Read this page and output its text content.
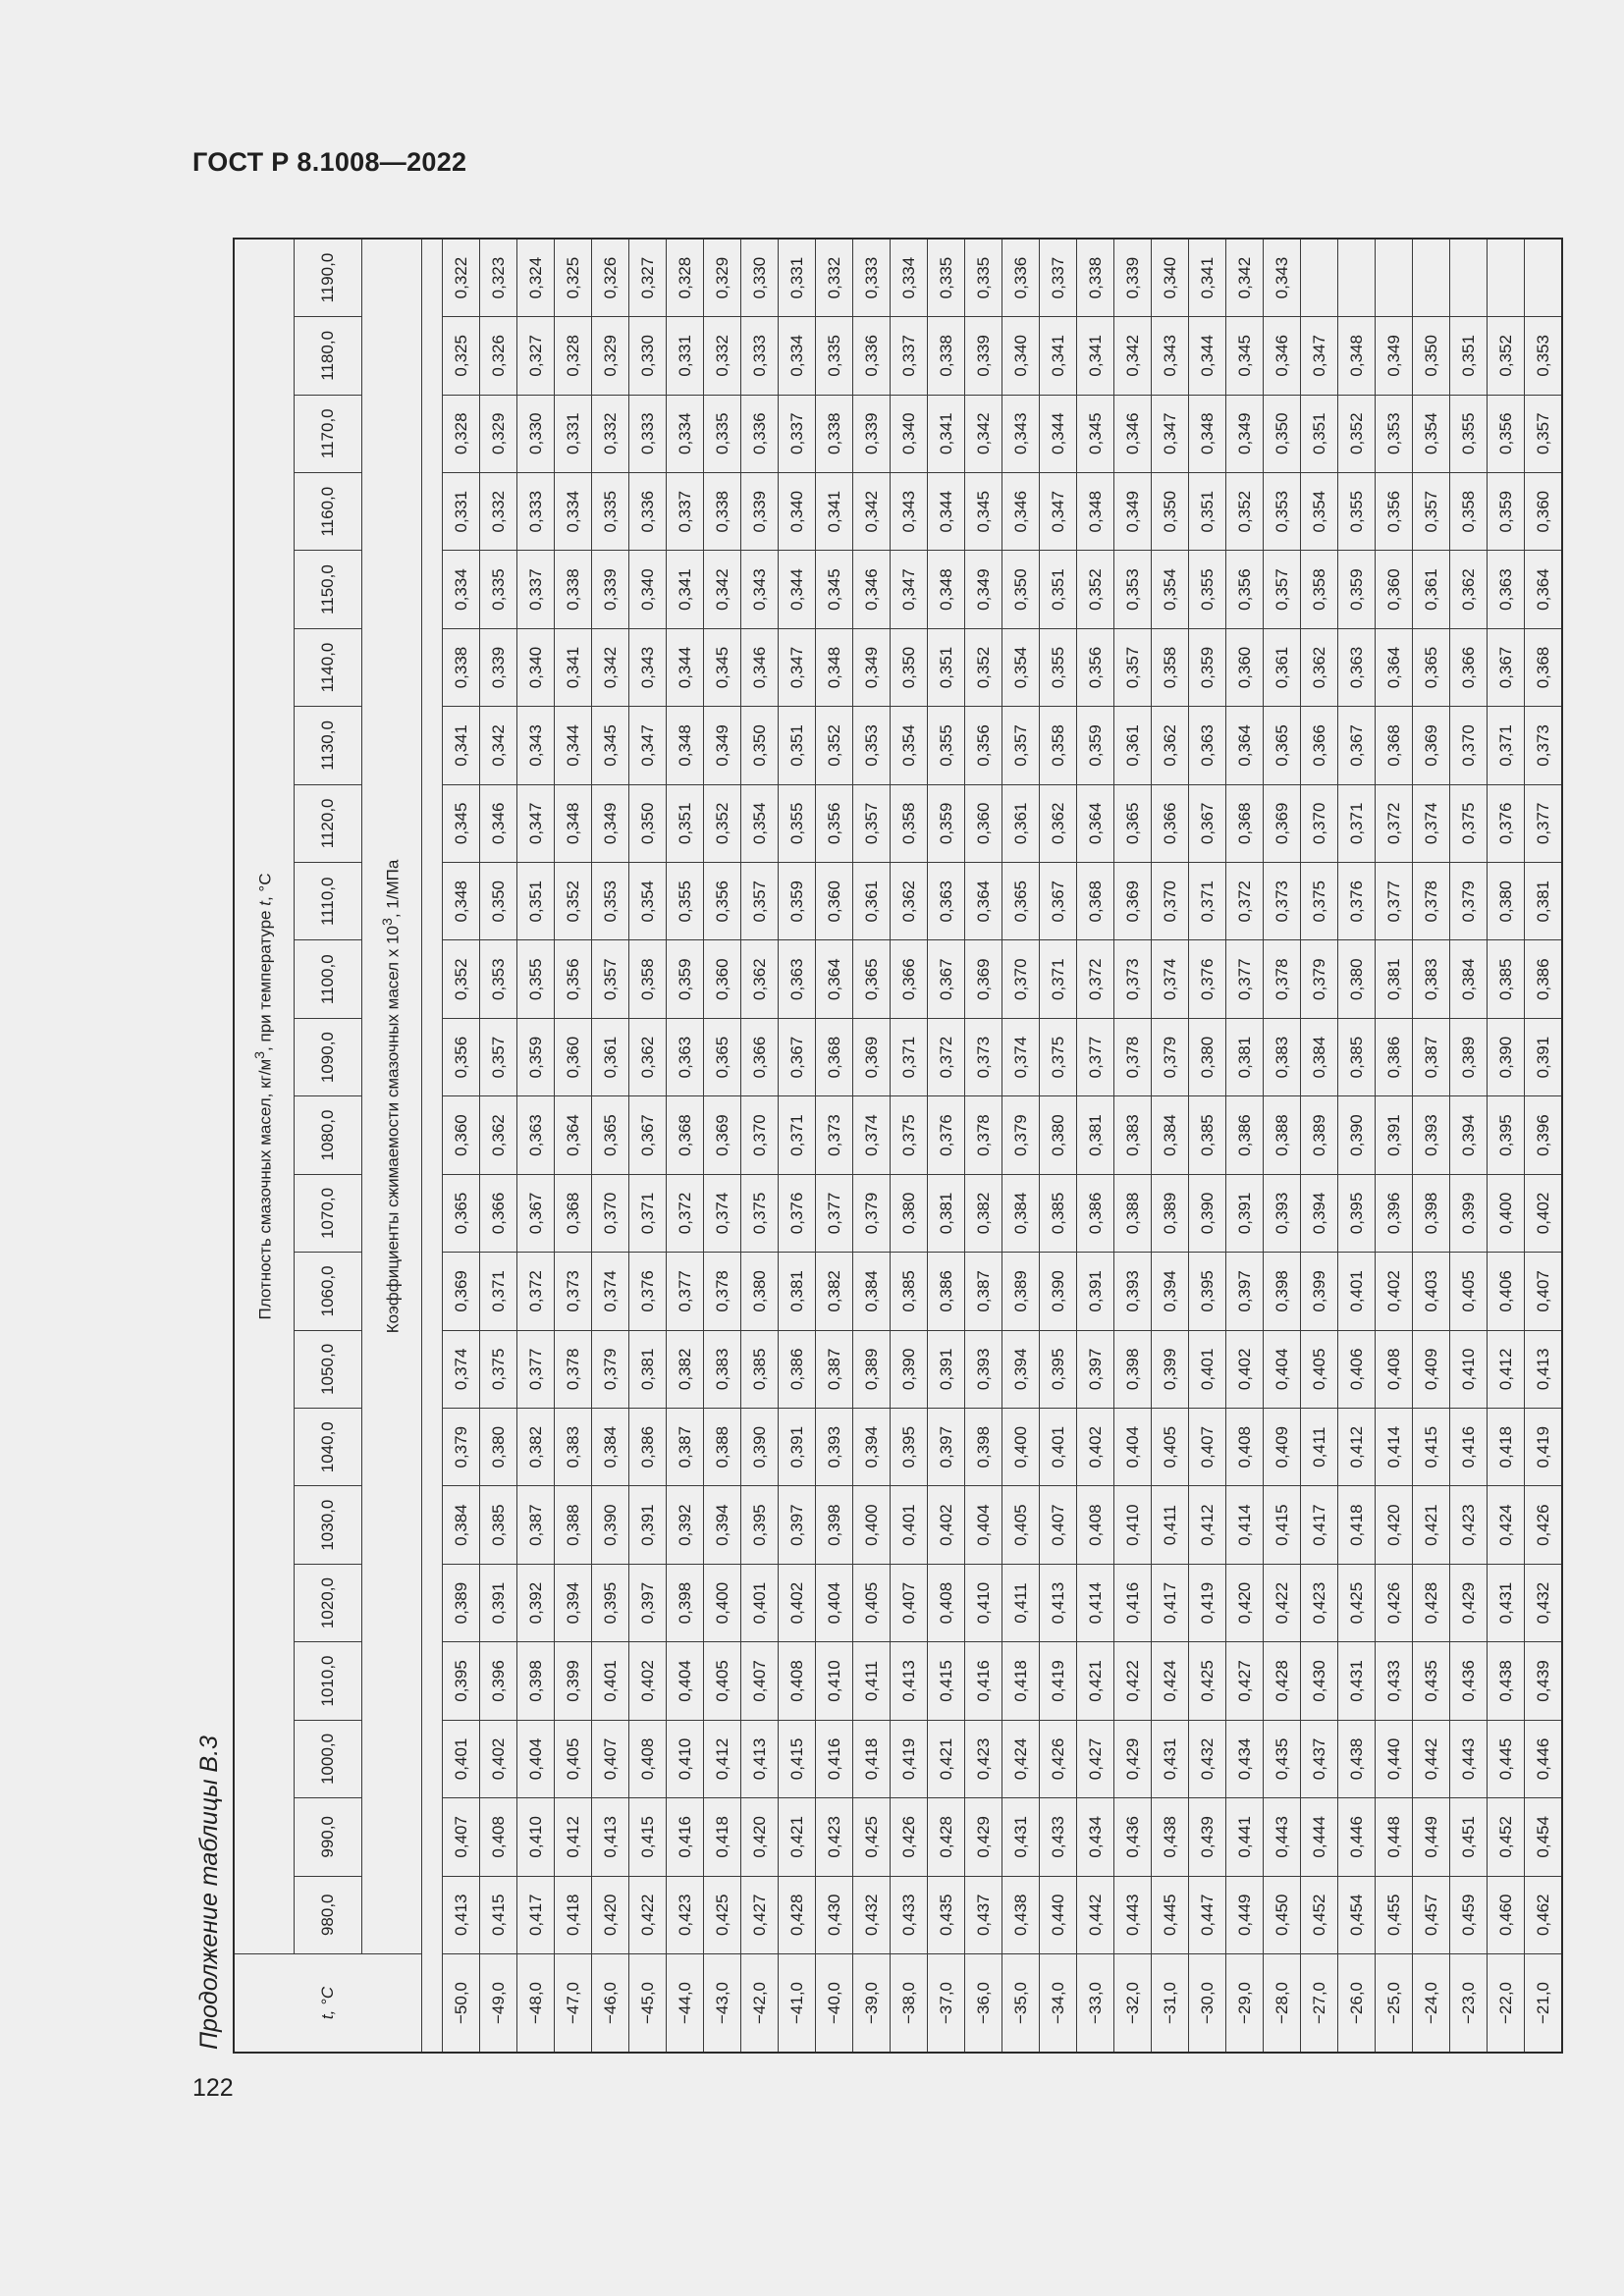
ГОСТ Р 8.1008—2022
122
Продолжение таблицы В.3	t, °C	Плотность смазочных масел, $кг/м^3$, при температуре t, °C																					
	980,0	990,0	1000,0	1010,0	1020,0	1030,0	1040,0	1050,0	1060,0	1070,0	1080,0	1090,0	1100,0	1110,0	1120,0	1130,0	1140,0	1150,0	1160,0	1170,0	1180,0	1190,0
	Коэффициенты сжимаемости смазочных масел x $10^3$, 1/МПа																					

−50,0	0,413	0,407	0,401	0,395	0,389	0,384	0,379	0,374	0,369	0,365	0,360	0,356	0,352	0,348	0,345	0,341	0,338	0,334	0,331	0,328	0,325	0,322
−49,0	0,415	0,408	0,402	0,396	0,391	0,385	0,380	0,375	0,371	0,366	0,362	0,357	0,353	0,350	0,346	0,342	0,339	0,335	0,332	0,329	0,326	0,323
−48,0	0,417	0,410	0,404	0,398	0,392	0,387	0,382	0,377	0,372	0,367	0,363	0,359	0,355	0,351	0,347	0,343	0,340	0,337	0,333	0,330	0,327	0,324
−47,0	0,418	0,412	0,405	0,399	0,394	0,388	0,383	0,378	0,373	0,368	0,364	0,360	0,356	0,352	0,348	0,344	0,341	0,338	0,334	0,331	0,328	0,325
−46,0	0,420	0,413	0,407	0,401	0,395	0,390	0,384	0,379	0,374	0,370	0,365	0,361	0,357	0,353	0,349	0,345	0,342	0,339	0,335	0,332	0,329	0,326
−45,0	0,422	0,415	0,408	0,402	0,397	0,391	0,386	0,381	0,376	0,371	0,367	0,362	0,358	0,354	0,350	0,347	0,343	0,340	0,336	0,333	0,330	0,327
−44,0	0,423	0,416	0,410	0,404	0,398	0,392	0,387	0,382	0,377	0,372	0,368	0,363	0,359	0,355	0,351	0,348	0,344	0,341	0,337	0,334	0,331	0,328
−43,0	0,425	0,418	0,412	0,405	0,400	0,394	0,388	0,383	0,378	0,374	0,369	0,365	0,360	0,356	0,352	0,349	0,345	0,342	0,338	0,335	0,332	0,329
−42,0	0,427	0,420	0,413	0,407	0,401	0,395	0,390	0,385	0,380	0,375	0,370	0,366	0,362	0,357	0,354	0,350	0,346	0,343	0,339	0,336	0,333	0,330
−41,0	0,428	0,421	0,415	0,408	0,402	0,397	0,391	0,386	0,381	0,376	0,371	0,367	0,363	0,359	0,355	0,351	0,347	0,344	0,340	0,337	0,334	0,331
−40,0	0,430	0,423	0,416	0,410	0,404	0,398	0,393	0,387	0,382	0,377	0,373	0,368	0,364	0,360	0,356	0,352	0,348	0,345	0,341	0,338	0,335	0,332
−39,0	0,432	0,425	0,418	0,411	0,405	0,400	0,394	0,389	0,384	0,379	0,374	0,369	0,365	0,361	0,357	0,353	0,349	0,346	0,342	0,339	0,336	0,333
−38,0	0,433	0,426	0,419	0,413	0,407	0,401	0,395	0,390	0,385	0,380	0,375	0,371	0,366	0,362	0,358	0,354	0,350	0,347	0,343	0,340	0,337	0,334
−37,0	0,435	0,428	0,421	0,415	0,408	0,402	0,397	0,391	0,386	0,381	0,376	0,372	0,367	0,363	0,359	0,355	0,351	0,348	0,344	0,341	0,338	0,335
−36,0	0,437	0,429	0,423	0,416	0,410	0,404	0,398	0,393	0,387	0,382	0,378	0,373	0,369	0,364	0,360	0,356	0,352	0,349	0,345	0,342	0,339	0,335
−35,0	0,438	0,431	0,424	0,418	0,411	0,405	0,400	0,394	0,389	0,384	0,379	0,374	0,370	0,365	0,361	0,357	0,354	0,350	0,346	0,343	0,340	0,336
−34,0	0,440	0,433	0,426	0,419	0,413	0,407	0,401	0,395	0,390	0,385	0,380	0,375	0,371	0,367	0,362	0,358	0,355	0,351	0,347	0,344	0,341	0,337
−33,0	0,442	0,434	0,427	0,421	0,414	0,408	0,402	0,397	0,391	0,386	0,381	0,377	0,372	0,368	0,364	0,359	0,356	0,352	0,348	0,345	0,341	0,338
−32,0	0,443	0,436	0,429	0,422	0,416	0,410	0,404	0,398	0,393	0,388	0,383	0,378	0,373	0,369	0,365	0,361	0,357	0,353	0,349	0,346	0,342	0,339
−31,0	0,445	0,438	0,431	0,424	0,417	0,411	0,405	0,399	0,394	0,389	0,384	0,379	0,374	0,370	0,366	0,362	0,358	0,354	0,350	0,347	0,343	0,340
−30,0	0,447	0,439	0,432	0,425	0,419	0,412	0,407	0,401	0,395	0,390	0,385	0,380	0,376	0,371	0,367	0,363	0,359	0,355	0,351	0,348	0,344	0,341
−29,0	0,449	0,441	0,434	0,427	0,420	0,414	0,408	0,402	0,397	0,391	0,386	0,381	0,377	0,372	0,368	0,364	0,360	0,356	0,352	0,349	0,345	0,342
−28,0	0,450	0,443	0,435	0,428	0,422	0,415	0,409	0,404	0,398	0,393	0,388	0,383	0,378	0,373	0,369	0,365	0,361	0,357	0,353	0,350	0,346	0,343
−27,0	0,452	0,444	0,437	0,430	0,423	0,417	0,411	0,405	0,399	0,394	0,389	0,384	0,379	0,375	0,370	0,366	0,362	0,358	0,354	0,351	0,347	
−26,0	0,454	0,446	0,438	0,431	0,425	0,418	0,412	0,406	0,401	0,395	0,390	0,385	0,380	0,376	0,371	0,367	0,363	0,359	0,355	0,352	0,348	
−25,0	0,455	0,448	0,440	0,433	0,426	0,420	0,414	0,408	0,402	0,396	0,391	0,386	0,381	0,377	0,372	0,368	0,364	0,360	0,356	0,353	0,349	
−24,0	0,457	0,449	0,442	0,435	0,428	0,421	0,415	0,409	0,403	0,398	0,393	0,387	0,383	0,378	0,374	0,369	0,365	0,361	0,357	0,354	0,350	
−23,0	0,459	0,451	0,443	0,436	0,429	0,423	0,416	0,410	0,405	0,399	0,394	0,389	0,384	0,379	0,375	0,370	0,366	0,362	0,358	0,355	0,351	
−22,0	0,460	0,452	0,445	0,438	0,431	0,424	0,418	0,412	0,406	0,400	0,395	0,390	0,385	0,380	0,376	0,371	0,367	0,363	0,359	0,356	0,352	
−21,0	0,462	0,454	0,446	0,439	0,432	0,426	0,419	0,413	0,407	0,402	0,396	0,391	0,386	0,381	0,377	0,373	0,368	0,364	0,360	0,357	0,353	
